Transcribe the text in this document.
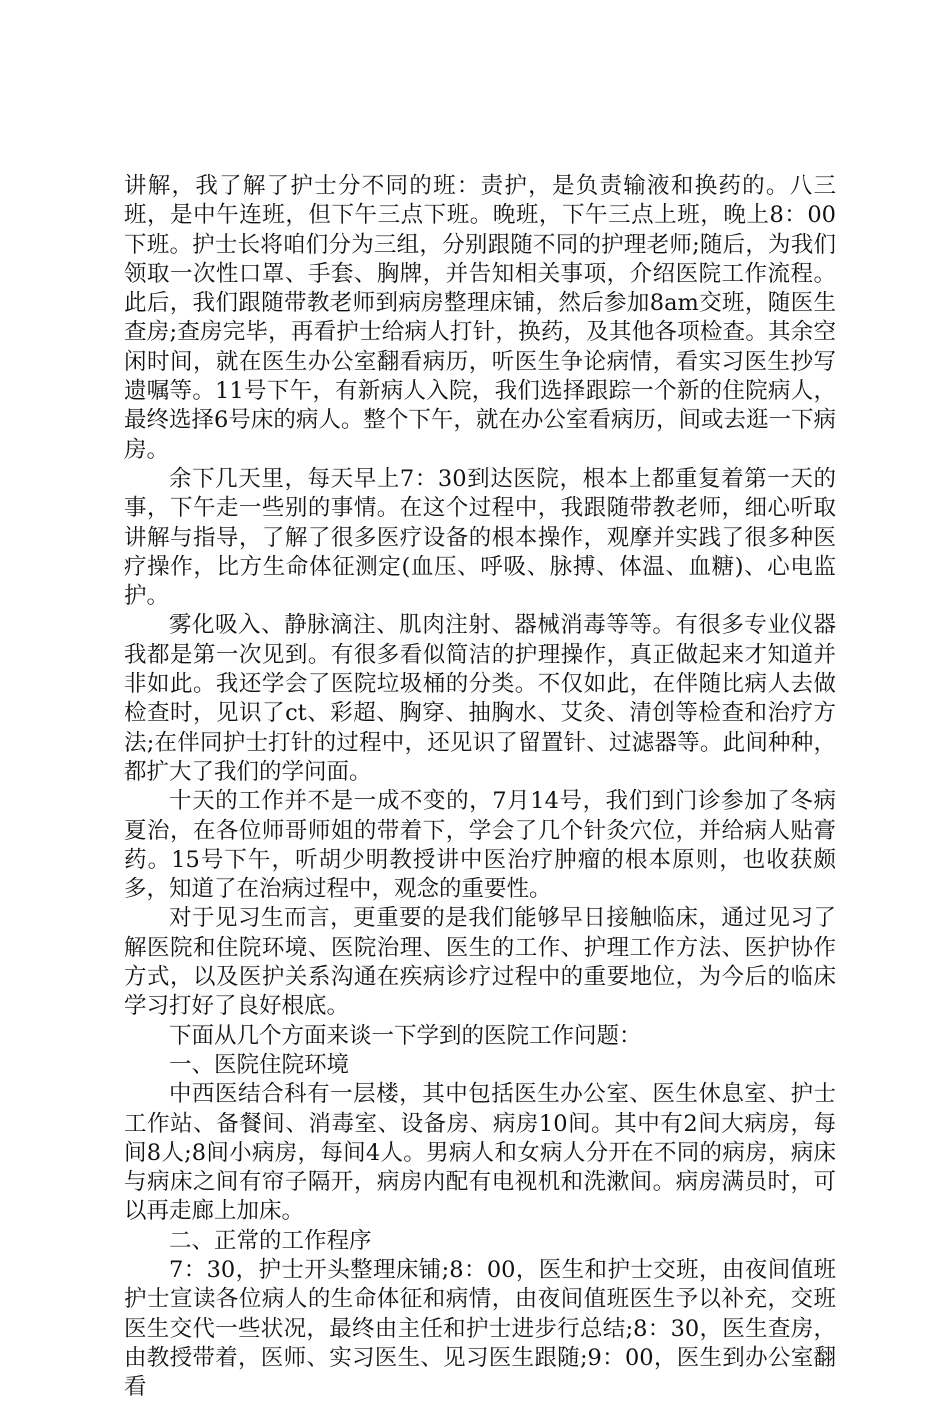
讲解，我了解了护士分不同的班：责护，是负责输液和换药的。八三班，是中午连班，但下午三点下班。晚班，下午三点上班，晚上8：00下班。护士长将咱们分为三组，分别跟随不同的护理老师;随后，为我们领取一次性口罩、手套、胸牌，并告知相关事项，介绍医院工作流程。此后，我们跟随带教老师到病房整理床铺，然后参加8am交班，随医生查房;查房完毕，再看护士给病人打针，换药，及其他各项检查。其余空闲时间，就在医生办公室翻看病历，听医生争论病情，看实习医生抄写遗嘱等。11号下午，有新病人入院，我们选择跟踪一个新的住院病人，最终选择6号床的病人。整个下午，就在办公室看病历，间或去逛一下病房。

余下几天里，每天早上7：30到达医院，根本上都重复着第一天的事，下午走一些别的事情。在这个过程中，我跟随带教老师，细心听取讲解与指导，了解了很多医疗设备的根本操作，观摩并实践了很多种医疗操作，比方生命体征测定(血压、呼吸、脉搏、体温、血糖)、心电监护。

雾化吸入、静脉滴注、肌肉注射、器械消毒等等。有很多专业仪器我都是第一次见到。有很多看似简洁的护理操作，真正做起来才知道并非如此。我还学会了医院垃圾桶的分类。不仅如此，在伴随比病人去做检查时，见识了ct、彩超、胸穿、抽胸水、艾灸、清创等检查和治疗方法;在伴同护士打针的过程中，还见识了留置针、过滤器等。此间种种，都扩大了我们的学问面。

十天的工作并不是一成不变的，7月14号，我们到门诊参加了冬病夏治，在各位师哥师姐的带着下，学会了几个针灸穴位，并给病人贴膏药。15号下午，听胡少明教授讲中医治疗肿瘤的根本原则，也收获颇多，知道了在治病过程中，观念的重要性。

对于见习生而言，更重要的是我们能够早日接触临床，通过见习了解医院和住院环境、医院治理、医生的工作、护理工作方法、医护协作方式，以及医护关系沟通在疾病诊疗过程中的重要地位，为今后的临床学习打好了良好根底。

下面从几个方面来谈一下学到的医院工作问题：

一、医院住院环境

中西医结合科有一层楼，其中包括医生办公室、医生休息室、护士工作站、备餐间、消毒室、设备房、病房10间。其中有2间大病房，每间8人;8间小病房，每间4人。男病人和女病人分开在不同的病房，病床与病床之间有帘子隔开，病房内配有电视机和洗漱间。病房满员时，可以再走廊上加床。

二、正常的工作程序

7：30，护士开头整理床铺;8：00，医生和护士交班，由夜间值班护士宣读各位病人的生命体征和病情，由夜间值班医生予以补充，交班医生交代一些状况，最终由主任和护士进步行总结;8：30，医生查房，由教授带着，医师、实习医生、见习医生跟随;9：00，医生到办公室翻看
